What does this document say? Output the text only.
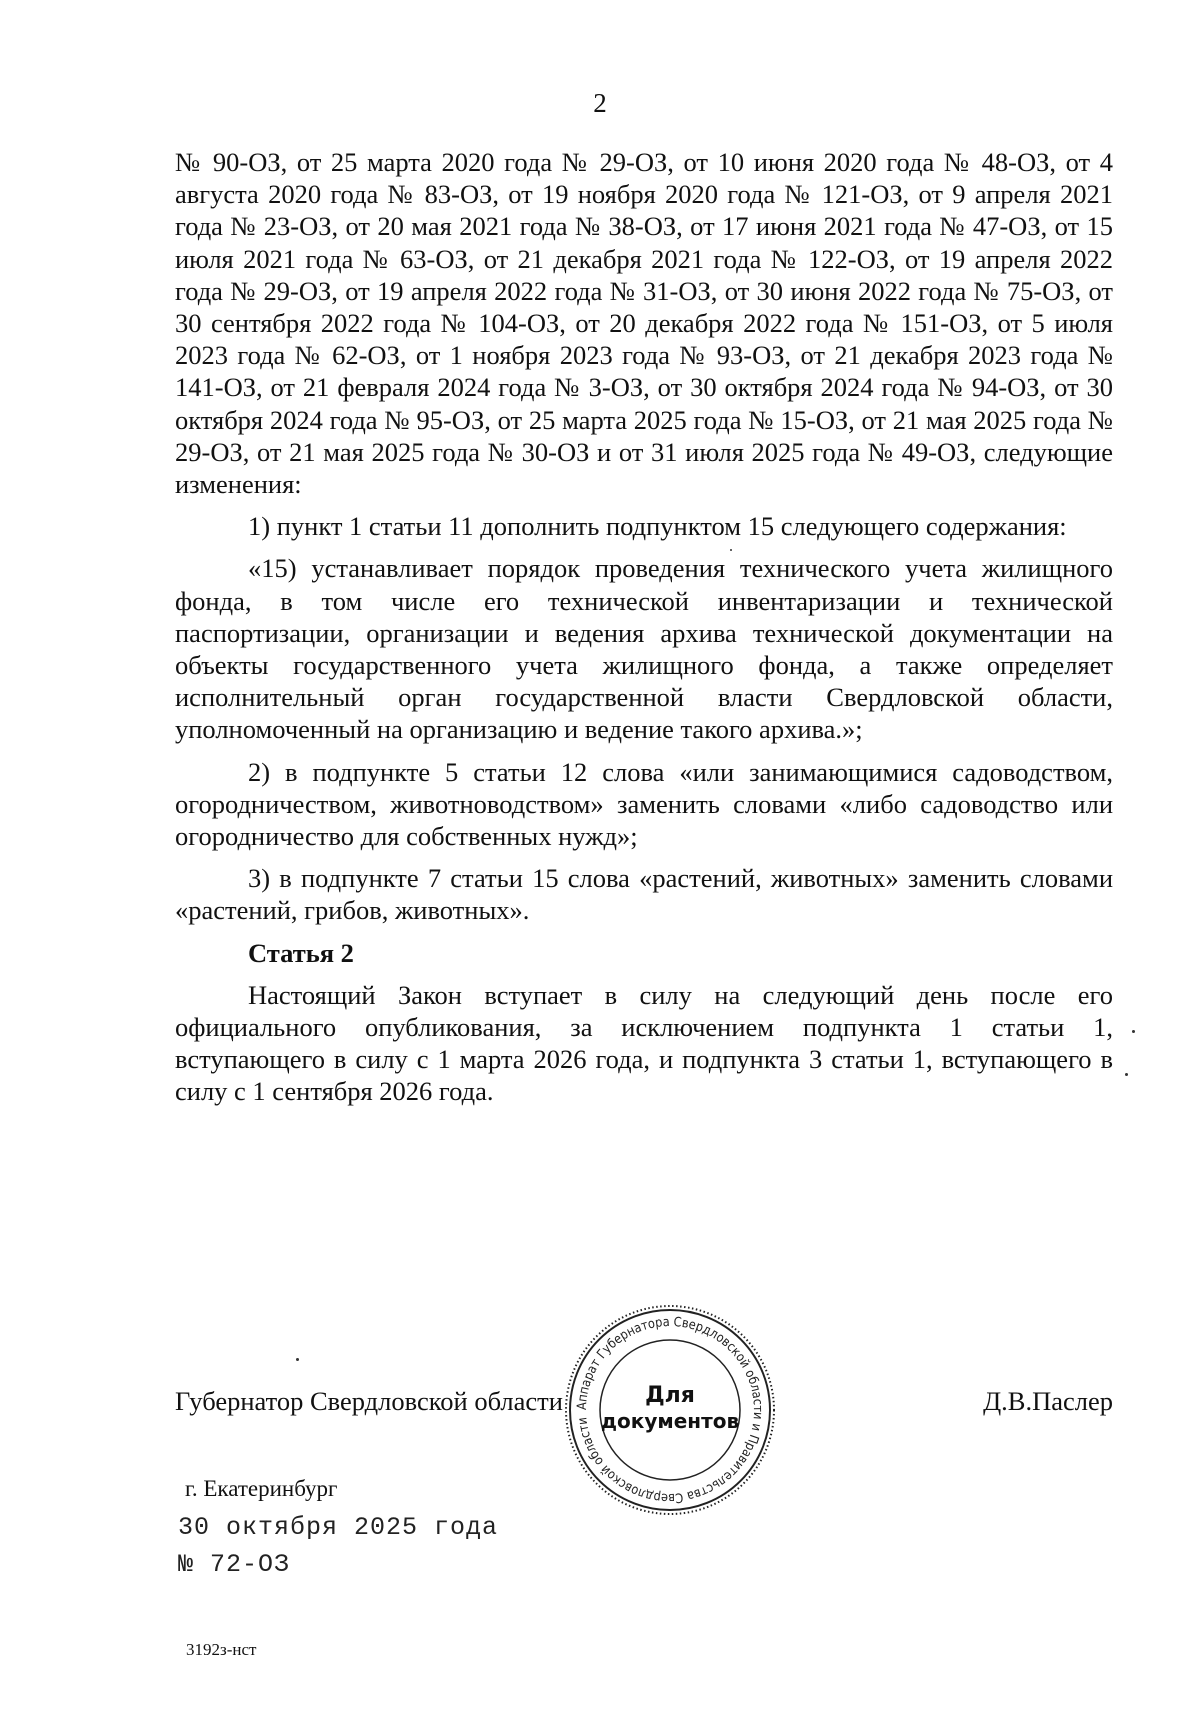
2

№ 90-ОЗ, от 25 марта 2020 года № 29-ОЗ, от 10 июня 2020 года № 48-ОЗ, от 4 августа 2020 года № 83-ОЗ, от 19 ноября 2020 года № 121-ОЗ, от 9 апреля 2021 года № 23-ОЗ, от 20 мая 2021 года № 38-ОЗ, от 17 июня 2021 года № 47-ОЗ, от 15 июля 2021 года № 63-ОЗ, от 21 декабря 2021 года № 122-ОЗ, от 19 апреля 2022 года № 29-ОЗ, от 19 апреля 2022 года № 31-ОЗ, от 30 июня 2022 года № 75-ОЗ, от 30 сентября 2022 года № 104-ОЗ, от 20 декабря 2022 года № 151-ОЗ, от 5 июля 2023 года № 62-ОЗ, от 1 ноября 2023 года № 93-ОЗ, от 21 декабря 2023 года № 141-ОЗ, от 21 февраля 2024 года № 3-ОЗ, от 30 октября 2024 года № 94-ОЗ, от 30 октября 2024 года № 95-ОЗ, от 25 марта 2025 года № 15-ОЗ, от 21 мая 2025 года № 29-ОЗ, от 21 мая 2025 года № 30-ОЗ и от 31 июля 2025 года № 49-ОЗ, следующие изменения:

1) пункт 1 статьи 11 дополнить подпунктом 15 следующего содержания:

«15) устанавливает порядок проведения технического учета жилищного фонда, в том числе его технической инвентаризации и технической паспортизации, организации и ведения архива технической документации на объекты государственного учета жилищного фонда, а также определяет исполнительный орган государственной власти Свердловской области, уполномоченный на организацию и ведение такого архива.»;

2) в подпункте 5 статьи 12 слова «или занимающимися садоводством, огородничеством, животноводством» заменить словами «либо садоводство или огородничество для собственных нужд»;

3) в подпункте 7 статьи 15 слова «растений, животных» заменить словами «растений, грибов, животных».

Статья 2

Настоящий Закон вступает в силу на следующий день после его официального опубликования, за исключением подпункта 1 статьи 1, вступающего в силу с 1 марта 2026 года, и подпункта 3 статьи 1, вступающего в силу с 1 сентября 2026 года.

Губернатор Свердловской области	Д.В.Паслер
Аппарат Губернатора Свердловской области и Правительства Свердловской области
Для
документов
г. Екатеринбург
30 октября 2025 года
№ 72-ОЗ
3192з-нст
